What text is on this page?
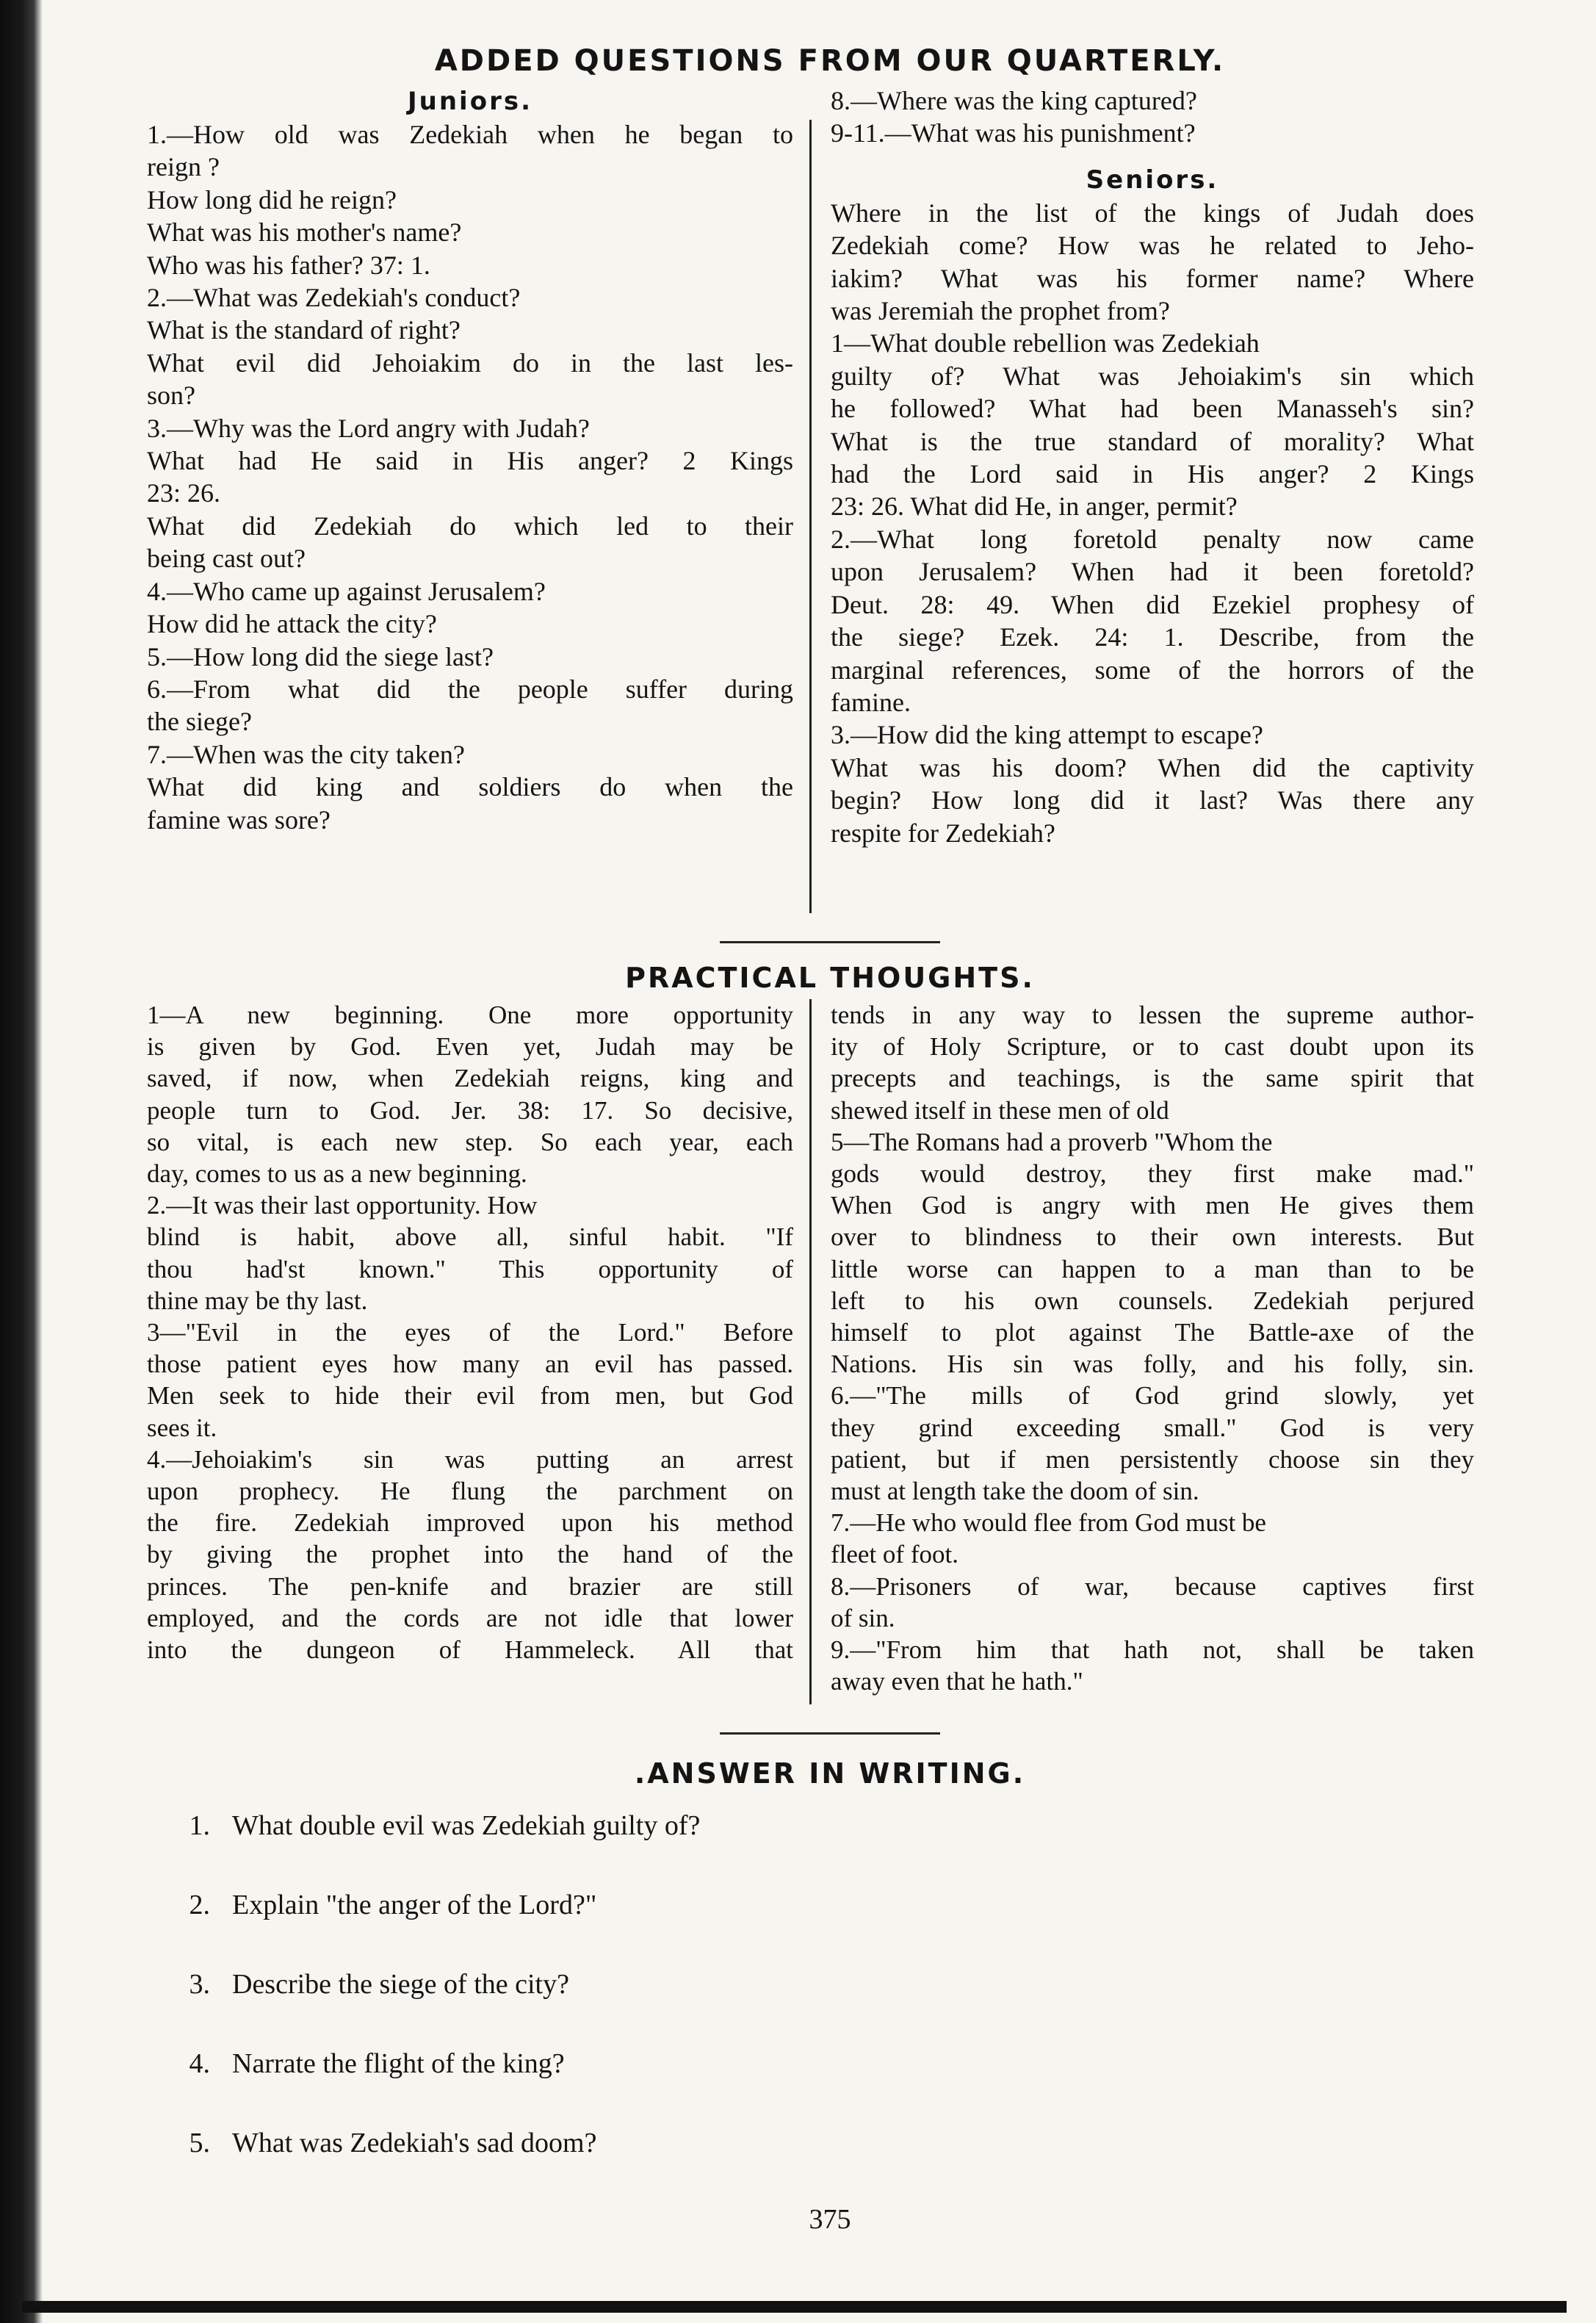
ADDED QUESTIONS FROM OUR QUARTERLY.
Juniors.

1.—How old was Zedekiah when he began to

reign ?

How long did he reign?

What was his mother's name?

Who was his father? 37: 1.

2.—What was Zedekiah's conduct?

What is the standard of right?

What evil did Jehoiakim do in the last les-

son?

3.—Why was the Lord angry with Judah?

What had He said in His anger? 2 Kings

23: 26.

What did Zedekiah do which led to their

being cast out?

4.—Who came up against Jerusalem?

How did he attack the city?

5.—How long did the siege last?

6.—From what did the people suffer during

the siege?

7.—When was the city taken?

What did king and soldiers do when the

famine was sore?

8.—Where was the king captured?

9-11.—What was his punishment?

Seniors.

Where in the list of the kings of Judah does

Zedekiah come? How was he related to Jeho-

iakim? What was his former name? Where

was Jeremiah the prophet from?

1—What double rebellion was Zedekiah

guilty of? What was Jehoiakim's sin which

he followed? What had been Manasseh's sin?

What is the true standard of morality? What

had the Lord said in His anger? 2 Kings

23: 26. What did He, in anger, permit?

2.—What long foretold penalty now came

upon Jerusalem? When had it been foretold?

Deut. 28: 49. When did Ezekiel prophesy of

the siege? Ezek. 24: 1. Describe, from the

marginal references, some of the horrors of the

famine.

3.—How did the king attempt to escape?

What was his doom? When did the captivity

begin? How long did it last? Was there any

respite for Zedekiah?

PRACTICAL THOUGHTS.

1—A new beginning. One more opportunity

is given by God. Even yet, Judah may be

saved, if now, when Zedekiah reigns, king and

people turn to God. Jer. 38: 17. So decisive,

so vital, is each new step. So each year, each

day, comes to us as a new beginning.

2.—It was their last opportunity. How

blind is habit, above all, sinful habit. "If

thou had'st known." This opportunity of

thine may be thy last.

3—"Evil in the eyes of the Lord." Before

those patient eyes how many an evil has passed.

Men seek to hide their evil from men, but God

sees it.

4.—Jehoiakim's sin was putting an arrest

upon prophecy. He flung the parchment on

the fire. Zedekiah improved upon his method

by giving the prophet into the hand of the

princes. The pen-knife and brazier are still

employed, and the cords are not idle that lower

into the dungeon of Hammeleck. All that

tends in any way to lessen the supreme author-

ity of Holy Scripture, or to cast doubt upon its

precepts and teachings, is the same spirit that

shewed itself in these men of old

5—The Romans had a proverb "Whom the

gods would destroy, they first make mad."

When God is angry with men He gives them

over to blindness to their own interests. But

little worse can happen to a man than to be

left to his own counsels. Zedekiah perjured

himself to plot against The Battle-axe of the

Nations. His sin was folly, and his folly, sin.

6.—"The mills of God grind slowly, yet

they grind exceeding small." God is very

patient, but if men persistently choose sin they

must at length take the doom of sin.

7.—He who would flee from God must be

fleet of foot.

8.—Prisoners of war, because captives first

of sin.

9.—"From him that hath not, shall be taken

away even that he hath."

.ANSWER IN WRITING.
1. What double evil was Zedekiah guilty of?
2. Explain "the anger of the Lord?"
3. Describe the siege of the city?
4. Narrate the flight of the king?
5. What was Zedekiah's sad doom?

375
